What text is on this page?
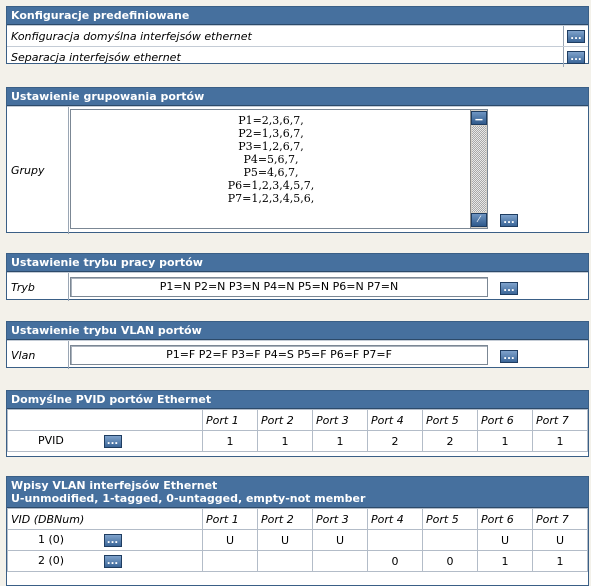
Konfiguracje predefiniowane
Konfiguracja domyślna interfejsów ethernet	...
Separacja interfejsów ethernet	...
Ustawienie grupowania portów
Grupy
P1=2,3,6,7,
P2=1,3,6,7,
P3=1,2,6,7,
P4=5,6,7,
P5=4,6,7,
P6=1,2,3,4,5,7,
P7=1,2,3,4,5,6,
▁
⁄	...
Ustawienie trybu pracy portów
Tryb	P1=N P2=N P3=N P4=N P5=N P6=N P7=N	...
Ustawienie trybu VLAN portów
Vlan	P1=F P2=F P3=F P4=S P5=F P6=F P7=F	...
Domyślne PVID portów Ethernet
	Port 1	Port 2	Port 3	Port 4	Port 5	Port 6	Port 7
PVID ...	1	1	1	2	2	1	1
Wpisy VLAN interfejsów Ethernet
U-unmodified, 1-tagged, 0-untagged, empty-not member
VID (DBNum)	Port 1	Port 2	Port 3	Port 4	Port 5	Port 6	Port 7
1 (0) ...	U	U	U			U	U
2 (0) ...				0	0	1	1
